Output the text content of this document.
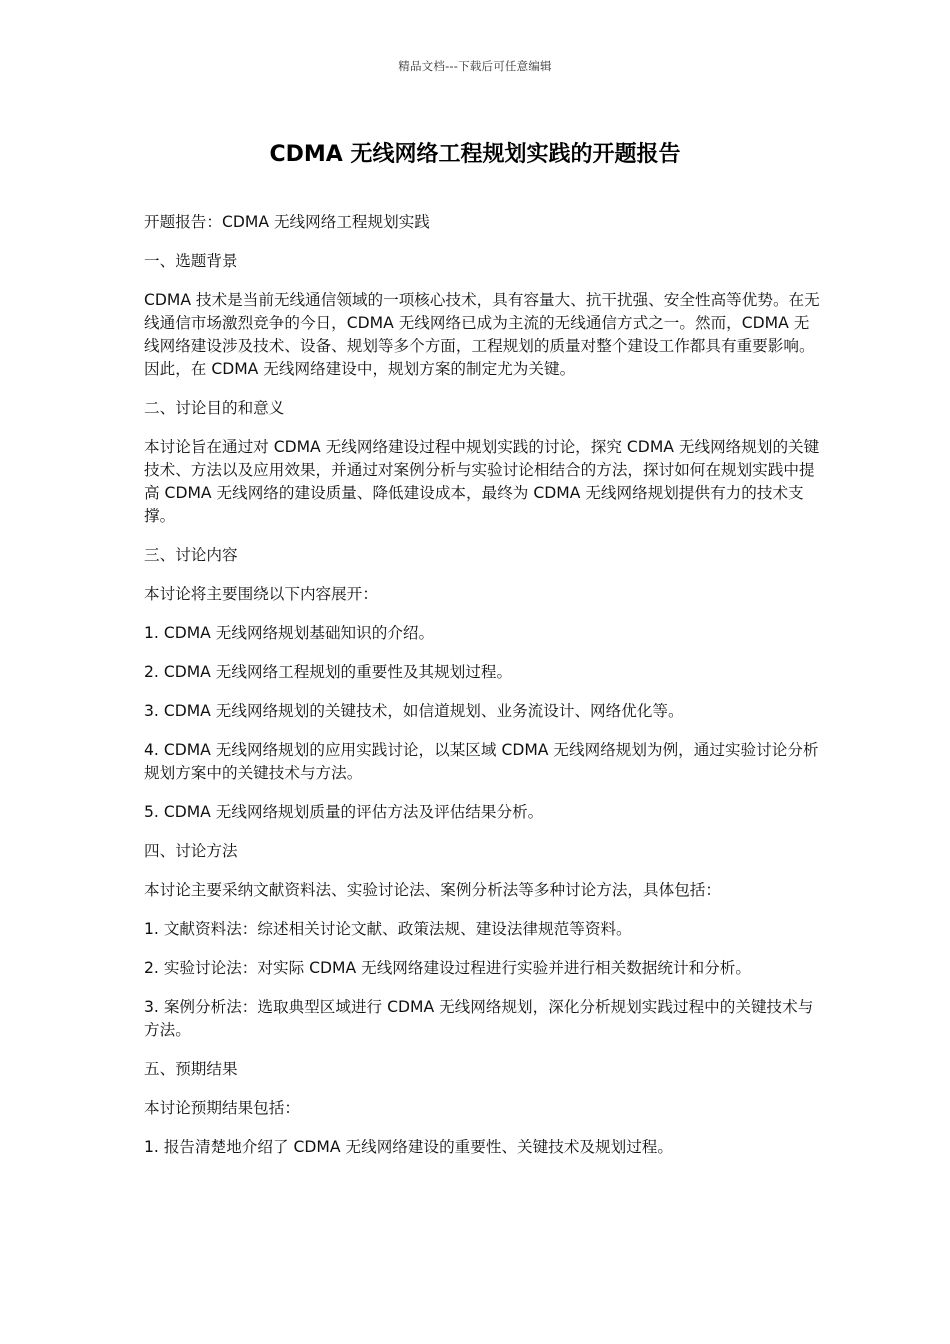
精品文档---下载后可任意编辑
CDMA 无线网络工程规划实践的开题报告

开题报告：CDMA 无线网络工程规划实践

一、选题背景

CDMA 技术是当前无线通信领域的一项核心技术，具有容量大、抗干扰强、安全性高等优势。在无线通信市场激烈竞争的今日，CDMA 无线网络已成为主流的无线通信方式之一。然而，CDMA 无线网络建设涉及技术、设备、规划等多个方面，工程规划的质量对整个建设工作都具有重要影响。因此，在 CDMA 无线网络建设中，规划方案的制定尤为关键。

二、讨论目的和意义

本讨论旨在通过对 CDMA 无线网络建设过程中规划实践的讨论，探究 CDMA 无线网络规划的关键技术、方法以及应用效果，并通过对案例分析与实验讨论相结合的方法，探讨如何在规划实践中提高 CDMA 无线网络的建设质量、降低建设成本，最终为 CDMA 无线网络规划提供有力的技术支撑。

三、讨论内容

本讨论将主要围绕以下内容展开：

1. CDMA 无线网络规划基础知识的介绍。

2. CDMA 无线网络工程规划的重要性及其规划过程。

3. CDMA 无线网络规划的关键技术，如信道规划、业务流设计、网络优化等。

4. CDMA 无线网络规划的应用实践讨论，以某区域 CDMA 无线网络规划为例，通过实验讨论分析规划方案中的关键技术与方法。

5. CDMA 无线网络规划质量的评估方法及评估结果分析。

四、讨论方法

本讨论主要采纳文献资料法、实验讨论法、案例分析法等多种讨论方法，具体包括：

1. 文献资料法：综述相关讨论文献、政策法规、建设法律规范等资料。

2. 实验讨论法：对实际 CDMA 无线网络建设过程进行实验并进行相关数据统计和分析。

3. 案例分析法：选取典型区域进行 CDMA 无线网络规划，深化分析规划实践过程中的关键技术与方法。

五、预期结果

本讨论预期结果包括：

1. 报告清楚地介绍了 CDMA 无线网络建设的重要性、关键技术及规划过程。
